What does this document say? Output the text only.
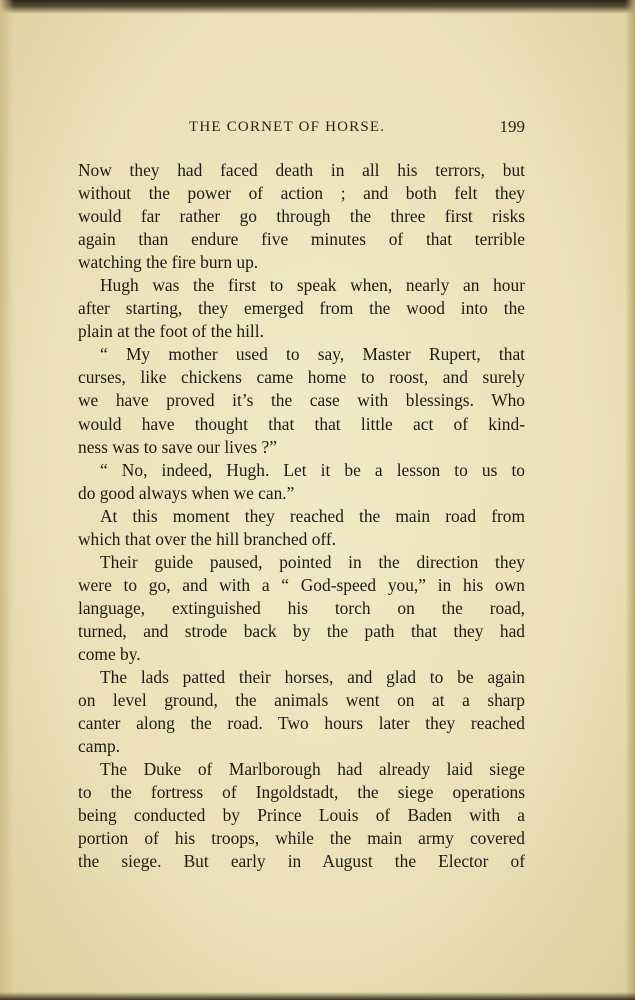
THE CORNET OF HORSE.	199
Now they had faced death in all his terrors, but
without the power of action ; and both felt they
would far rather go through the three first risks
again than endure five minutes of that terrible
watching the fire burn up.
Hugh was the first to speak when, nearly an hour
after starting, they emerged from the wood into the
plain at the foot of the hill.
“ My mother used to say, Master Rupert, that
curses, like chickens came home to roost, and surely
we have proved it’s the case with blessings. Who
would have thought that that little act of kind-
ness was to save our lives ?”
“ No, indeed, Hugh. Let it be a lesson to us to
do good always when we can.”
At this moment they reached the main road from
which that over the hill branched off.
Their guide paused, pointed in the direction they
were to go, and with a “ God-speed you,” in his own
language, extinguished his torch on the road,
turned, and strode back by the path that they had
come by.
The lads patted their horses, and glad to be again
on level ground, the animals went on at a sharp
canter along the road. Two hours later they reached
camp.
The Duke of Marlborough had already laid siege
to the fortress of Ingoldstadt, the siege operations
being conducted by Prince Louis of Baden with a
portion of his troops, while the main army covered
the siege. But early in August the Elector of
